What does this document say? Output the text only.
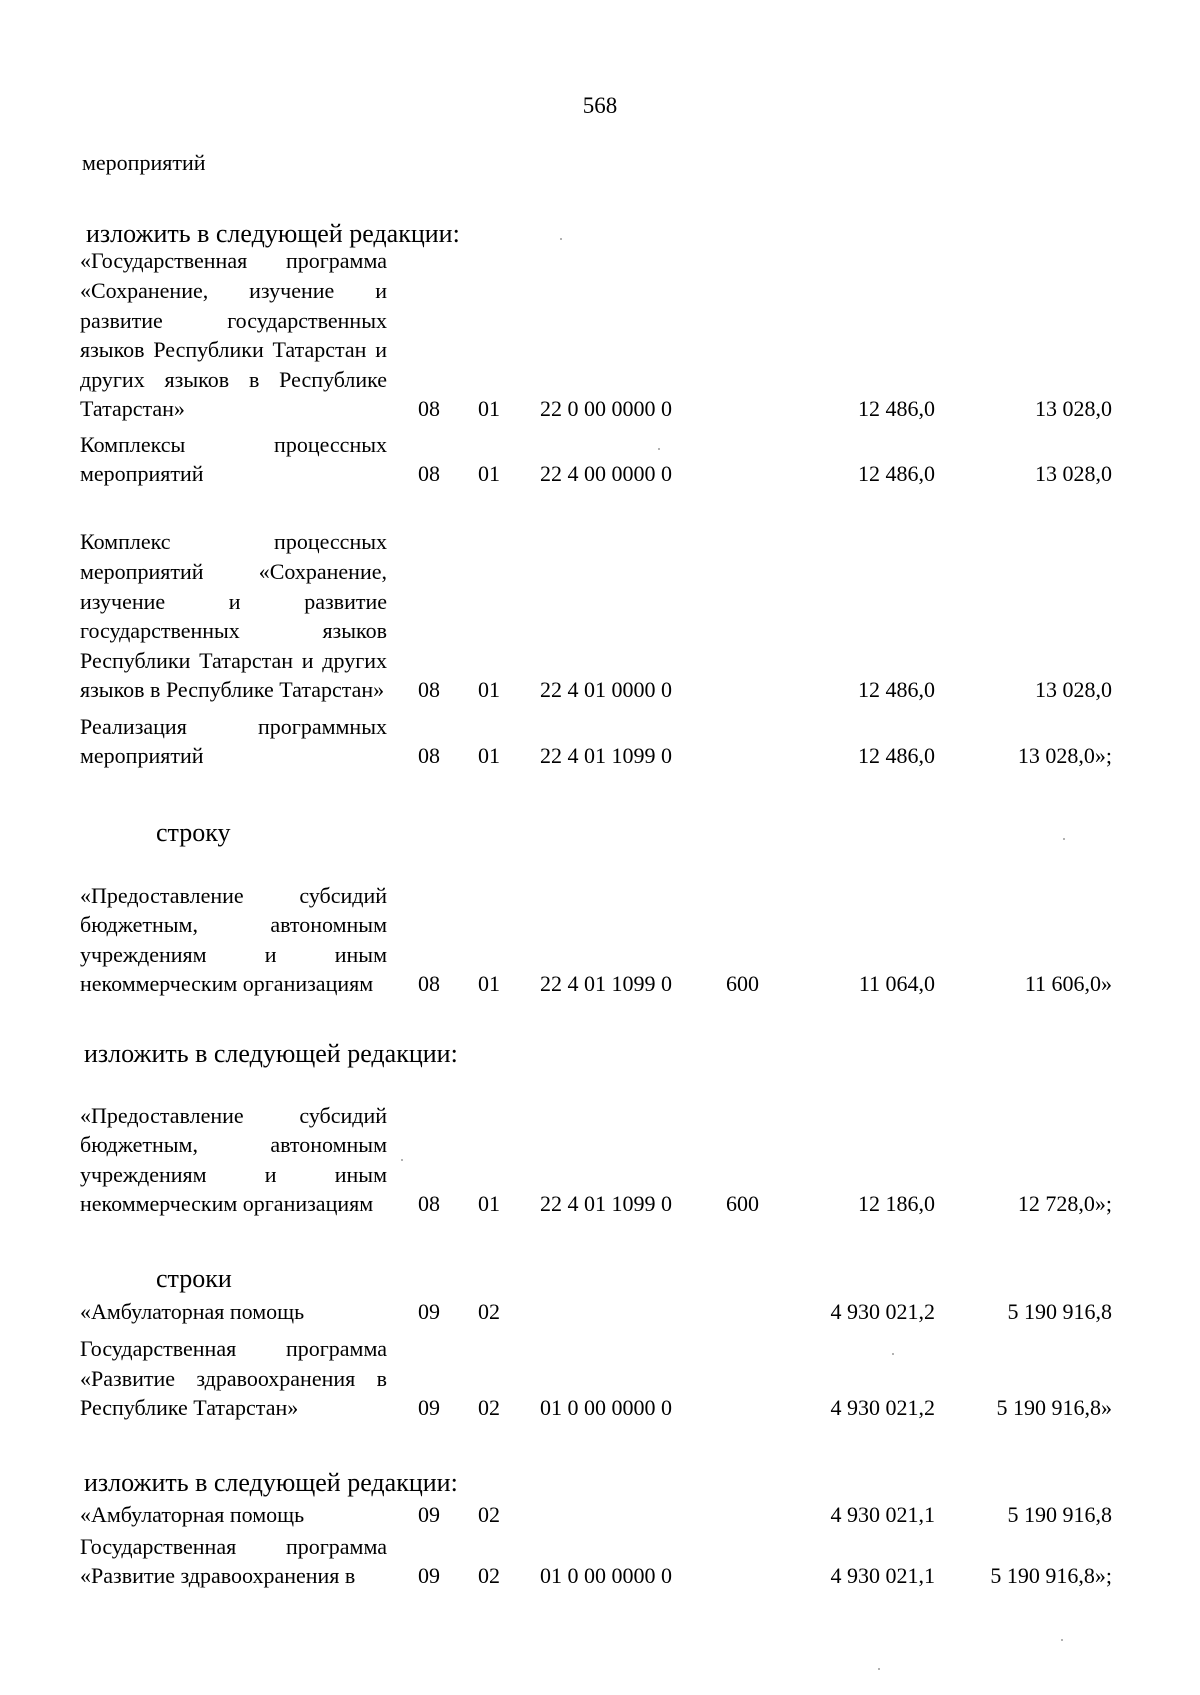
568
мероприятий
изложить в следующей редакции:
«Государственная программа «Сохранение, изучение и развитие государственных языков Республики Татарстан и других языков в Республике Татарстан»	08 01 22 0 00 0000 0	12 486,0	13 028,0
Комплексы процессных мероприятий	08 01 22 4 00 0000 0	12 486,0	13 028,0
Комплекс процессных мероприятий «Сохранение, изучение и развитие государственных языков Республики Татарстан и других языков в Республике Татарстан» 08 01 22 4 01 0000 0	12 486,0	13 028,0
Реализация программных мероприятий	08 01 22 4 01 1099 0	12 486,0	13 028,0»;
строку
«Предоставление субсидий бюджетным, автономным учреждениям и иным некоммерческим организациям	08 01 22 4 01 1099 0 600	11 064,0	11 606,0»
изложить в следующей редакции:
«Предоставление субсидий бюджетным, автономным учреждениям и иным некоммерческим организациям	08 01 22 4 01 1099 0 600	12 186,0	12 728,0»;
строки
«Амбулаторная помощь	09 02	4 930 021,2	5 190 916,8
Государственная программа «Развитие здравоохранения в Республике Татарстан»	09 02 01 0 00 0000 0	4 930 021,2	5 190 916,8»
изложить в следующей редакции:
«Амбулаторная помощь	09 02	4 930 021,1	5 190 916,8
Государственная программа «Развитие здравоохранения в	09 02 01 0 00 0000 0	4 930 021,1	5 190 916,8»;
